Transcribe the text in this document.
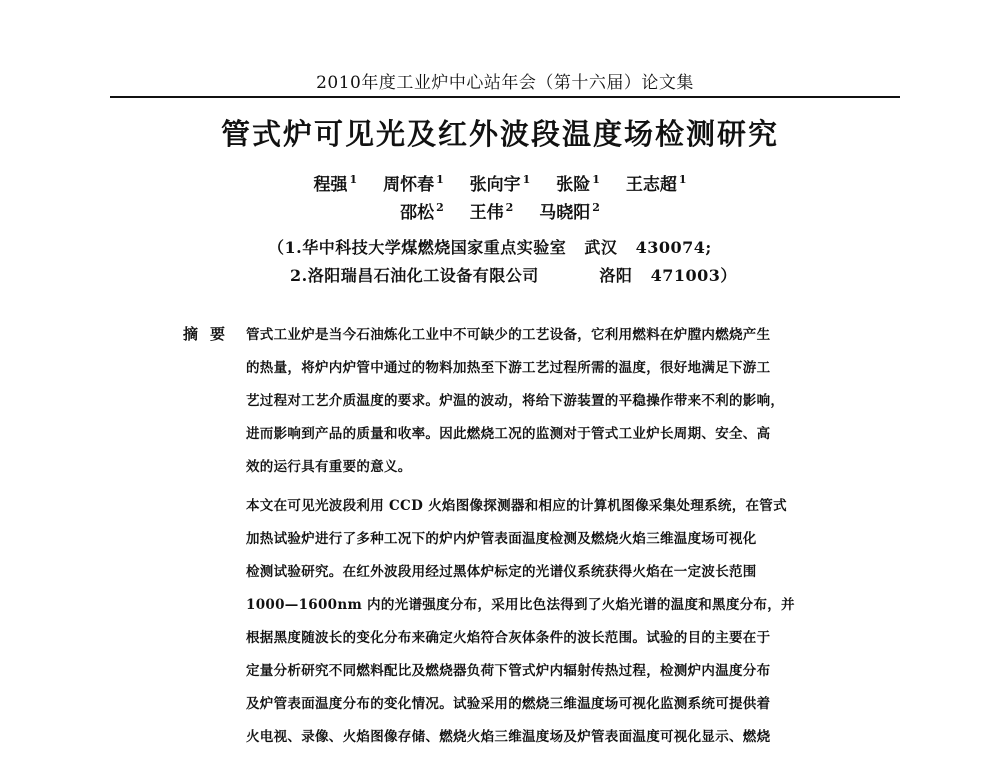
2010年度工业炉中心站年会（第十六届）论文集
管式炉可见光及红外波段温度场检测研究
程强 $^1$ 周怀春 $^1$ 张向宇 $^1$ 张险 $^1$ 王志超 $^1$
邵松 $^2$ 王伟 $^2$ 马晓阳 $^2$
（1.华中科技大学煤燃烧国家重点实验室   武汉   430074;
2.洛阳瑞昌石油化工设备有限公司          洛阳   471003）
摘要 管式工业炉是当今石油炼化工业中不可缺少的工艺设备，它利用燃料在炉膛内燃烧产生
的热量，将炉内炉管中通过的物料加热至下游工艺过程所需的温度，很好地满足下游工
艺过程对工艺介质温度的要求。炉温的波动，将给下游装置的平稳操作带来不利的影响，
进而影响到产品的质量和收率。因此燃烧工况的监测对于管式工业炉长周期、安全、高
效的运行具有重要的意义。
本文在可见光波段利用 CCD 火焰图像探测器和相应的计算机图像采集处理系统，在管式
加热试验炉进行了多种工况下的炉内炉管表面温度检测及燃烧火焰三维温度场可视化
检测试验研究。在红外波段用经过黑体炉标定的光谱仪系统获得火焰在一定波长范围
1000—1600nm 内的光谱强度分布，采用比色法得到了火焰光谱的温度和黑度分布，并
根据黑度随波长的变化分布来确定火焰符合灰体条件的波长范围。试验的目的主要在于
定量分析研究不同燃料配比及燃烧器负荷下管式炉内辐射传热过程，检测炉内温度分布
及炉管表面温度分布的变化情况。试验采用的燃烧三维温度场可视化监测系统可提供着
火电视、录像、火焰图像存储、燃烧火焰三维温度场及炉管表面温度可视化显示、燃烧
